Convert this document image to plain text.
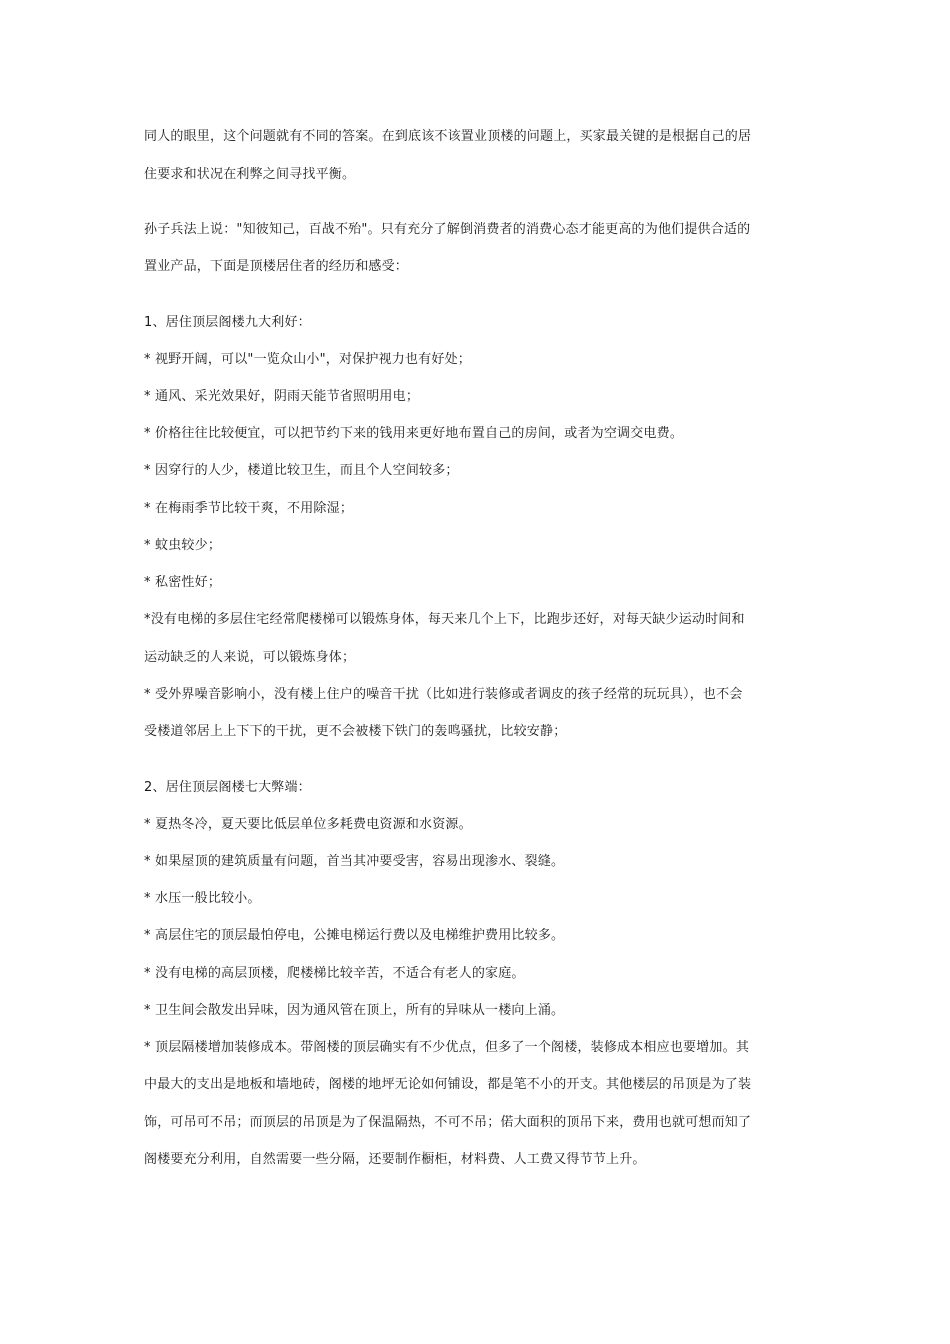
同人的眼里，这个问题就有不同的答案。在到底该不该置业顶楼的问题上，买家最关键的是根据自己的居
住要求和状况在利弊之间寻找平衡。
孙子兵法上说："知彼知己，百战不殆"。只有充分了解倒消费者的消费心态才能更高的为他们提供合适的
置业产品，下面是顶楼居住者的经历和感受：
1、居住顶层阁楼九大利好：
* 视野开阔，可以"一览众山小"，对保护视力也有好处；
* 通风、采光效果好，阴雨天能节省照明用电；
* 价格往往比较便宜，可以把节约下来的钱用来更好地布置自己的房间，或者为空调交电费。
* 因穿行的人少，楼道比较卫生，而且个人空间较多；
* 在梅雨季节比较干爽，不用除湿；
* 蚊虫较少；
* 私密性好；
*没有电梯的多层住宅经常爬楼梯可以锻炼身体，每天来几个上下，比跑步还好，对每天缺少运动时间和
运动缺乏的人来说，可以锻炼身体；
* 受外界噪音影响小，没有楼上住户的噪音干扰（比如进行装修或者调皮的孩子经常的玩玩具），也不会
受楼道邻居上上下下的干扰，更不会被楼下铁门的轰鸣骚扰，比较安静；
2、居住顶层阁楼七大弊端：
* 夏热冬冷，夏天要比低层单位多耗费电资源和水资源。
* 如果屋顶的建筑质量有问题，首当其冲要受害，容易出现渗水、裂缝。
* 水压一般比较小。
* 高层住宅的顶层最怕停电，公摊电梯运行费以及电梯维护费用比较多。
* 没有电梯的高层顶楼，爬楼梯比较辛苦，不适合有老人的家庭。
* 卫生间会散发出异味，因为通风管在顶上，所有的异味从一楼向上涌。
* 顶层隔楼增加装修成本。带阁楼的顶层确实有不少优点，但多了一个阁楼，装修成本相应也要增加。其
中最大的支出是地板和墙地砖，阁楼的地坪无论如何铺设，都是笔不小的开支。其他楼层的吊顶是为了装
饰，可吊可不吊；而顶层的吊顶是为了保温隔热，不可不吊；偌大面积的顶吊下来，费用也就可想而知了
阁楼要充分利用，自然需要一些分隔，还要制作橱柜，材料费、人工费又得节节上升。
